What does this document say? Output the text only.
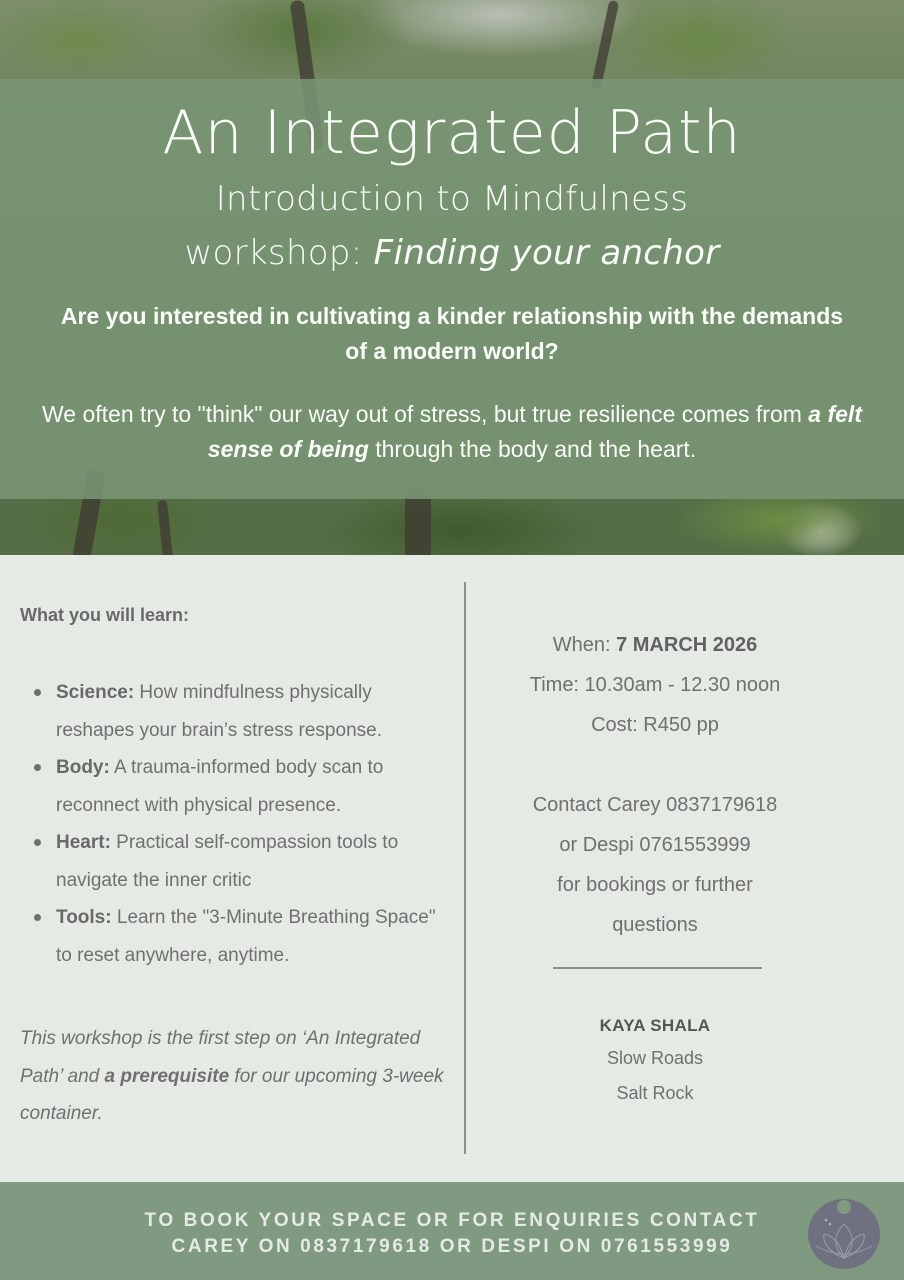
An Integrated Path
Introduction to Mindfulness
workshop: Finding your anchor

Are you interested in cultivating a kinder relationship with the demands of a modern world?

We often try to "think" our way out of stress, but true resilience comes from a felt sense of being through the body and the heart.

What you will learn:
Science: How mindfulness physically reshapes your brain’s stress response.
Body: A trauma-informed body scan to reconnect with physical presence.
Heart: Practical self-compassion tools to navigate the inner critic
Tools: Learn the "3-Minute Breathing Space" to reset anywhere, anytime.

This workshop is the first step on ‘An Integrated Path’ and a prerequisite for our upcoming 3-week container.

When: 7 MARCH 2026
Time: 10.30am - 12.30 noon
Cost: R450 pp
Contact Carey 0837179618
or Despi 0761553999
for bookings or further
questions
KAYA SHALA
Slow Roads
Salt Rock
TO BOOK YOUR SPACE OR FOR ENQUIRIES CONTACT
CAREY ON 0837179618 OR DESPI ON 0761553999
